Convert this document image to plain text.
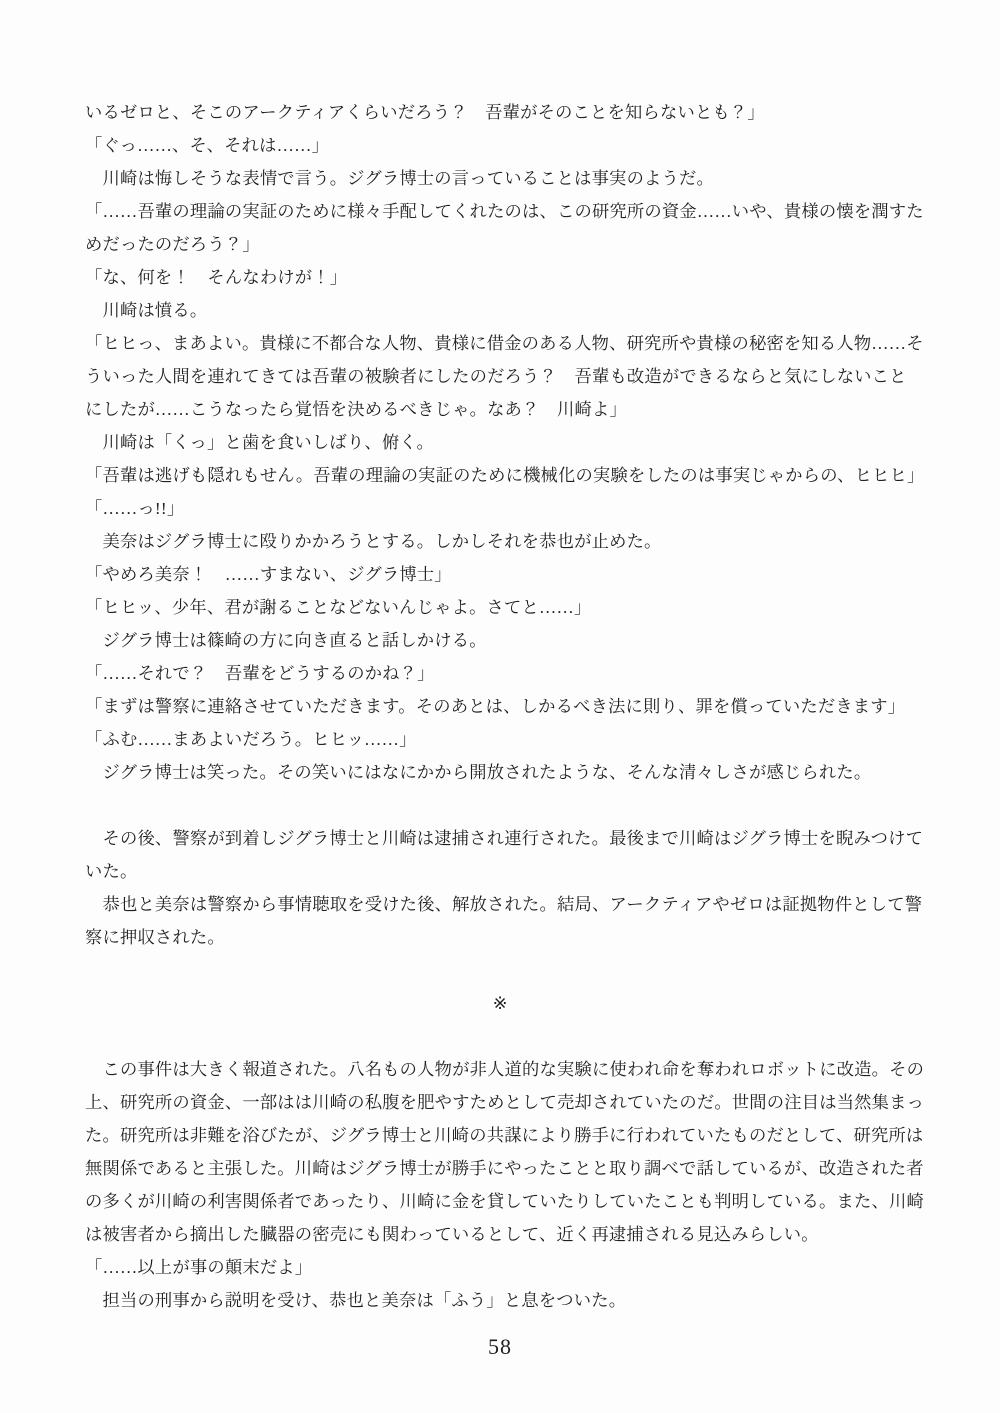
いるゼロと、そこのアークティアくらいだろう？　吾輩がそのことを知らないとも？」
「ぐっ……、そ、それは……」
　川崎は悔しそうな表情で言う。ジグラ博士の言っていることは事実のようだ。
「……吾輩の理論の実証のために様々手配してくれたのは、この研究所の資金……いや、貴様の懐を潤すた
めだったのだろう？」
「な、何を！　そんなわけが！」
　川崎は憤る。
「ヒヒっ、まあよい。貴様に不都合な人物、貴様に借金のある人物、研究所や貴様の秘密を知る人物……そ
ういった人間を連れてきては吾輩の被験者にしたのだろう？　吾輩も改造ができるならと気にしないこと
にしたが……こうなったら覚悟を決めるべきじゃ。なあ？　川崎よ」
　川崎は「くっ」と歯を食いしばり、俯く。
「吾輩は逃げも隠れもせん。吾輩の理論の実証のために機械化の実験をしたのは事実じゃからの、ヒヒヒ」
「……っ!!」
　美奈はジグラ博士に殴りかかろうとする。しかしそれを恭也が止めた。
「やめろ美奈！　……すまない、ジグラ博士」
「ヒヒッ、少年、君が謝ることなどないんじゃよ。さてと……」
　ジグラ博士は篠崎の方に向き直ると話しかける。
「……それで？　吾輩をどうするのかね？」
「まずは警察に連絡させていただきます。そのあとは、しかるべき法に則り、罪を償っていただきます」
「ふむ……まあよいだろう。ヒヒッ……」
　ジグラ博士は笑った。その笑いにはなにかから開放されたような、そんな清々しさが感じられた。
　その後、警察が到着しジグラ博士と川崎は逮捕され連行された。最後まで川崎はジグラ博士を睨みつけて
いた。
　恭也と美奈は警察から事情聴取を受けた後、解放された。結局、アークティアやゼロは証拠物件として警
察に押収された。
※
　この事件は大きく報道された。八名もの人物が非人道的な実験に使われ命を奪われロボットに改造。その
上、研究所の資金、一部はは川崎の私腹を肥やすためとして売却されていたのだ。世間の注目は当然集まっ
た。研究所は非難を浴びたが、ジグラ博士と川崎の共謀により勝手に行われていたものだとして、研究所は
無関係であると主張した。川崎はジグラ博士が勝手にやったことと取り調べで話しているが、改造された者
の多くが川崎の利害関係者であったり、川崎に金を貸していたりしていたことも判明している。また、川崎
は被害者から摘出した臓器の密売にも関わっているとして、近く再逮捕される見込みらしい。
「……以上が事の顛末だよ」
　担当の刑事から説明を受け、恭也と美奈は「ふう」と息をついた。
58
